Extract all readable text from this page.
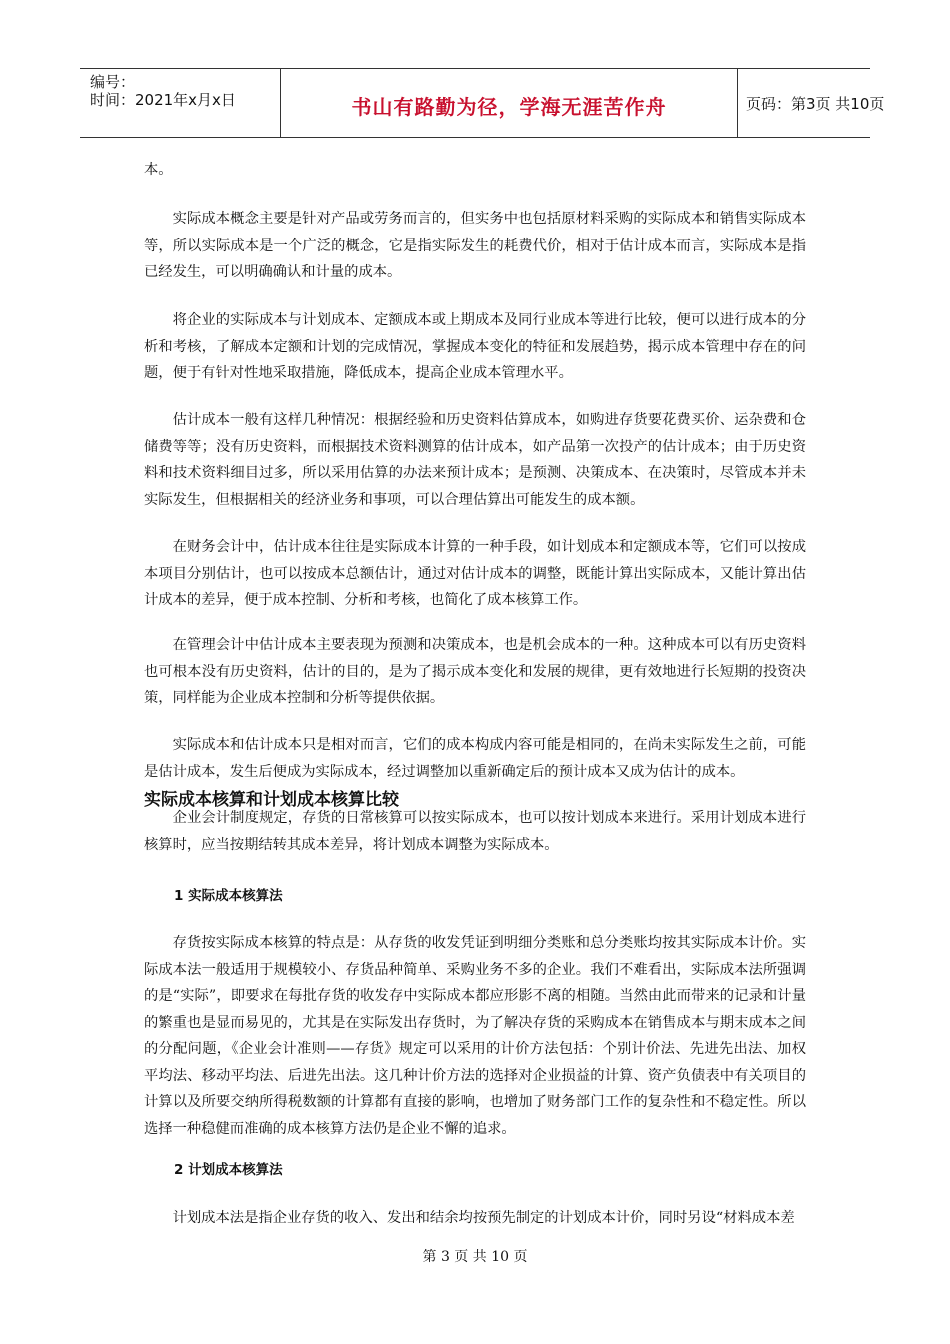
编号：
时间：2021年x月x日	书山有路勤为径，学海无涯苦作舟	页码：第3页 共10页

本。

实际成本概念主要是针对产品或劳务而言的，但实务中也包括原材料采购的实际成本和销售实际成本等，所以实际成本是一个广泛的概念，它是指实际发生的耗费代价，相对于估计成本而言，实际成本是指已经发生，可以明确确认和计量的成本。

将企业的实际成本与计划成本、定额成本或上期成本及同行业成本等进行比较，便可以进行成本的分析和考核，了解成本定额和计划的完成情况，掌握成本变化的特征和发展趋势，揭示成本管理中存在的问题，便于有针对性地采取措施，降低成本，提高企业成本管理水平。

估计成本一般有这样几种情况：根据经验和历史资料估算成本，如购进存货要花费买价、运杂费和仓储费等等；没有历史资料，而根据技术资料测算的估计成本，如产品第一次投产的估计成本；由于历史资料和技术资料细目过多，所以采用估算的办法来预计成本；是预测、决策成本、在决策时，尽管成本并未实际发生，但根据相关的经济业务和事项，可以合理估算出可能发生的成本额。

在财务会计中，估计成本往往是实际成本计算的一种手段，如计划成本和定额成本等，它们可以按成本项目分别估计，也可以按成本总额估计，通过对估计成本的调整，既能计算出实际成本，又能计算出估计成本的差异，便于成本控制、分析和考核，也简化了成本核算工作。

在管理会计中估计成本主要表现为预测和决策成本，也是机会成本的一种。这种成本可以有历史资料也可根本没有历史资料，估计的目的，是为了揭示成本变化和发展的规律，更有效地进行长短期的投资决策，同样能为企业成本控制和分析等提供依据。

实际成本和估计成本只是相对而言，它们的成本构成内容可能是相同的，在尚未实际发生之前，可能是估计成本，发生后便成为实际成本，经过调整加以重新确定后的预计成本又成为估计的成本。

实际成本核算和计划成本核算比较

企业会计制度规定，存货的日常核算可以按实际成本，也可以按计划成本来进行。采用计划成本进行核算时，应当按期结转其成本差异，将计划成本调整为实际成本。

1 实际成本核算法

存货按实际成本核算的特点是：从存货的收发凭证到明细分类账和总分类账均按其实际成本计价。实际成本法一般适用于规模较小、存货品种简单、采购业务不多的企业。我们不难看出，实际成本法所强调的是“实际”，即要求在每批存货的收发存中实际成本都应形影不离的相随。当然由此而带来的记录和计量的繁重也是显而易见的，尤其是在实际发出存货时，为了解决存货的采购成本在销售成本与期末成本之间的分配问题，《企业会计准则——存货》规定可以采用的计价方法包括：个别计价法、先进先出法、加权平均法、移动平均法、后进先出法。这几种计价方法的选择对企业损益的计算、资产负债表中有关项目的计算以及所要交纳所得税数额的计算都有直接的影响，也增加了财务部门工作的复杂性和不稳定性。所以选择一种稳健而准确的成本核算方法仍是企业不懈的追求。

2 计划成本核算法

计划成本法是指企业存货的收入、发出和结余均按预先制定的计划成本计价，同时另设“材料成本差

第 3 页 共 10 页
